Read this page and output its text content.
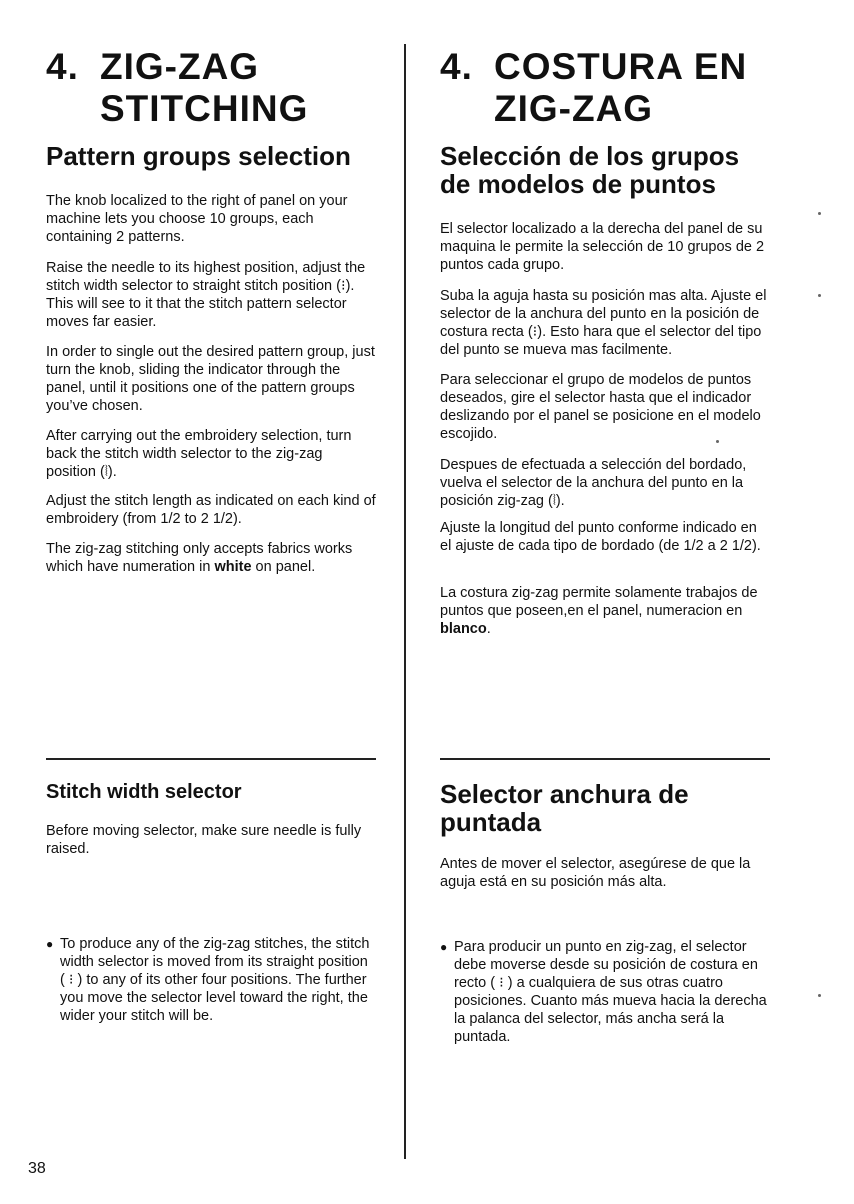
4. ZIG-ZAG
STITCHING
Pattern groups selection

The knob localized to the right of panel on your machine lets you choose 10 groups, each containing 2 patterns.

Raise the needle to its highest position, adjust the stitch width selector to straight stitch position (⁝). This will see to it that the stitch pattern selector moves far easier.

In order to single out the desired pattern group, just turn the knob, sliding the indicator through the panel, until it positions one of the pattern groups you’ve chosen.

After carrying out the embroidery selection, turn back the stitch width selector to the zig-zag position (⦚).

Adjust the stitch length as indicated on each kind of embroidery (from 1/2 to 2 1/2).

The zig-zag stitching only accepts fabrics works which have numeration in white on panel.

Stitch width selector

Before moving selector, make sure needle is fully raised.

● To produce any of the zig-zag stitches, the stitch width selector is moved from its straight position ( ⁝ ) to any of its other four positions. The further you move the selector level toward the right, the wider your stitch will be.
4. COSTURA EN
ZIG-ZAG
Selección de los grupos de modelos de puntos

El selector localizado a la derecha del panel de su maquina le permite la selección de 10 grupos de 2 puntos cada grupo.

Suba la aguja hasta su posición mas alta. Ajuste el selector de la anchura del punto en la posición de costura recta (⁝). Esto hara que el selector del tipo del punto se mueva mas facilmente.

Para seleccionar el grupo de modelos de puntos deseados, gire el selector hasta que el indicador deslizando por el panel se posicione en el modelo escojido.

Despues de efectuada a selección del bordado, vuelva el selector de la anchura del punto en la posición zig-zag (⦚).

Ajuste la longitud del punto conforme indicado en el ajuste de cada tipo de bordado (de 1/2 a 2 1/2).

La costura zig-zag permite solamente trabajos de puntos que poseen,en el panel, numeracion en blanco.

Selector anchura de puntada

Antes de mover el selector, asegúrese de que la aguja está en su posición más alta.

● Para producir un punto en zig-zag, el selector debe moverse desde su posición de costura en recto ( ⁝ ) a cualquiera de sus otras cuatro posiciones. Cuanto más mueva hacia la derecha la palanca del selector, más ancha será la puntada.
38
